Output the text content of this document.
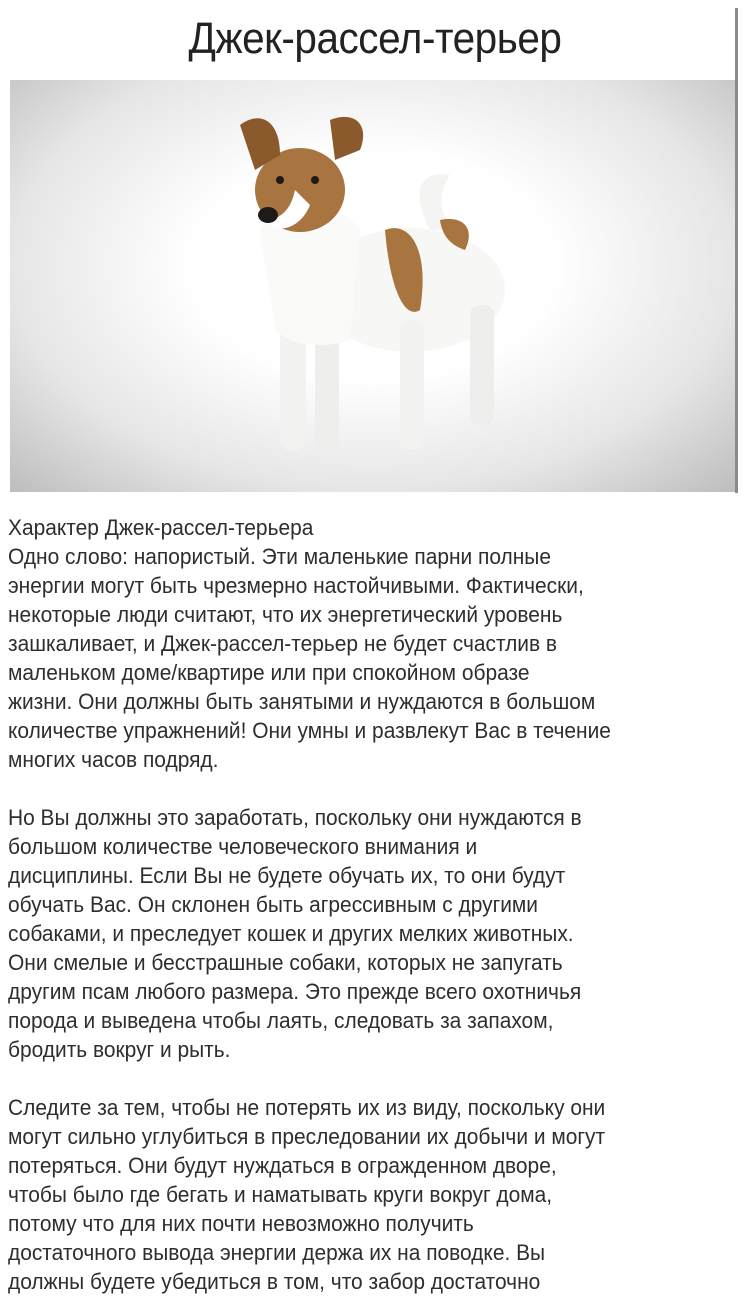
Джек-рассел-терьер
Характер Джек-рассел-терьера
Одно слово: напористый. Эти маленькие парни полные
энергии могут быть чрезмерно настойчивыми. Фактически,
некоторые люди считают, что их энергетический уровень
зашкаливает, и Джек-рассел-терьер не будет счастлив в
маленьком доме/квартире или при спокойном образе
жизни. Они должны быть занятыми и нуждаются в большом
количестве упражнений! Они умны и развлекут Вас в течение
многих часов подряд.
Но Вы должны это заработать, поскольку они нуждаются в
большом количестве человеческого внимания и
дисциплины. Если Вы не будете обучать их, то они будут
обучать Вас. Он склонен быть агрессивным с другими
собаками, и преследует кошек и других мелких животных.
Они смелые и бесстрашные собаки, которых не запугать
другим псам любого размера. Это прежде всего охотничья
порода и выведена чтобы лаять, следовать за запахом,
бродить вокруг и рыть.
Следите за тем, чтобы не потерять их из виду, поскольку они
могут сильно углубиться в преследовании их добычи и могут
потеряться. Они будут нуждаться в огражденном дворе,
чтобы было где бегать и наматывать круги вокруг дома,
потому что для них почти невозможно получить
достаточного вывода энергии держа их на поводке. Вы
должны будете убедиться в том, что забор достаточно
